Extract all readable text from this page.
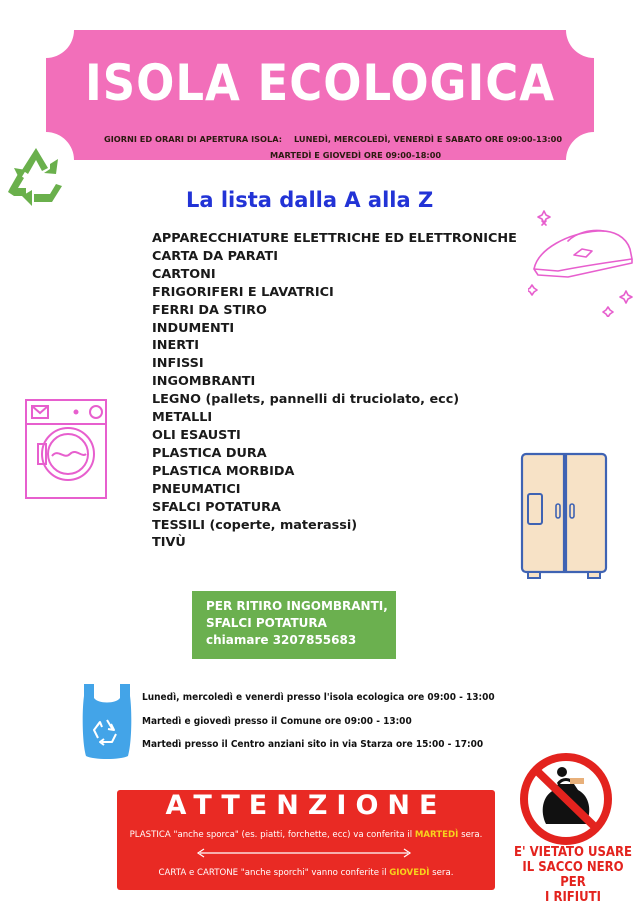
ISOLA ECOLOGICA
GIORNI ED ORARI DI APERTURA ISOLA: LUNEDÌ, MERCOLEDÌ, VENERDÌ E SABATO ORE 09:00-13:00
MARTEDÌ E GIOVEDÌ ORE 09:00-18:00
La lista dalla A alla Z
APPARECCHIATURE ELETTRICHE ED ELETTRONICHE
CARTA DA PARATI
CARTONI
FRIGORIFERI E LAVATRICI
FERRI DA STIRO
INDUMENTI
INERTI
INFISSI
INGOMBRANTI
LEGNO (pallets, pannelli di truciolato, ecc)
METALLI
OLI ESAUSTI
PLASTICA DURA
PLASTICA MORBIDA
PNEUMATICI
SFALCI POTATURA
TESSILI (coperte, materassi)
TIVÙ
PER RITIRO INGOMBRANTI,
SFALCI POTATURA
chiamare 3207855683
Lunedì, mercoledì e venerdì presso l'isola ecologica ore 09:00 - 13:00
Martedì e giovedì presso il Comune ore 09:00 - 13:00
Martedì presso il Centro anziani sito in via Starza ore 15:00 - 17:00
ATTENZIONE
PLASTICA "anche sporca" (es. piatti, forchette, ecc) va conferita il MARTEDÌ sera.
CARTA e CARTONE "anche sporchi" vanno conferite il GIOVEDÌ sera.
E' VIETATO USARE
IL SACCO NERO PER
I RIFIUTI
